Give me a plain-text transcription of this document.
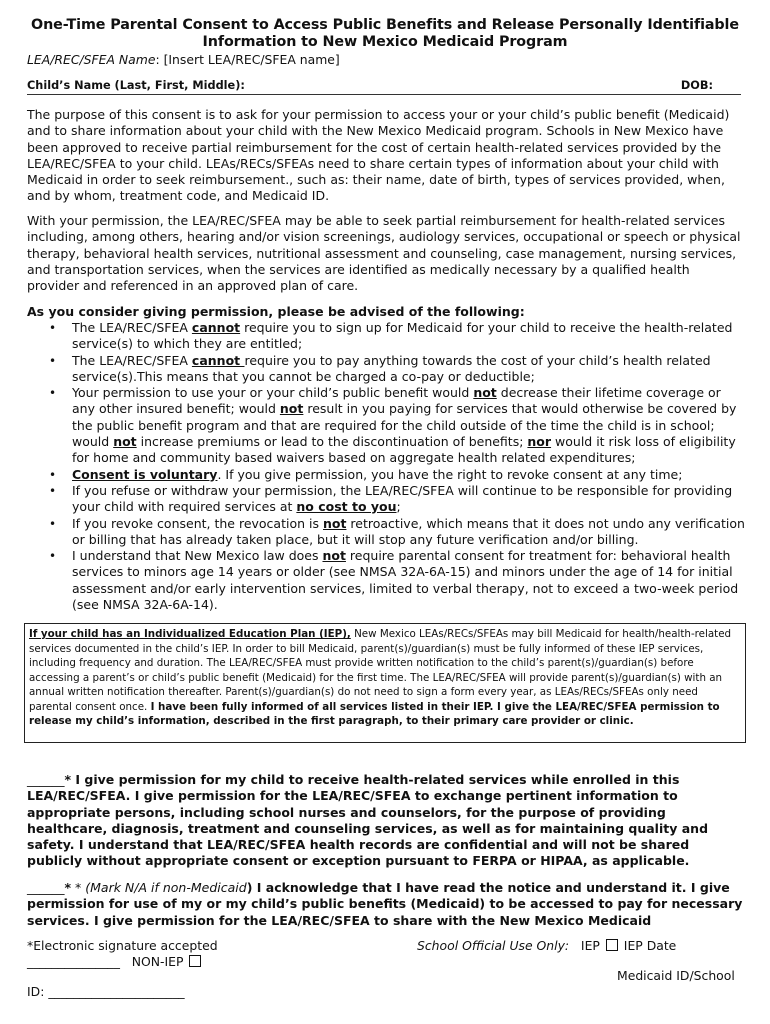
One-Time Parental Consent to Access Public Benefits and Release Personally Identifiable
Information to New Mexico Medicaid Program
LEA/REC/SFEA Name: [Insert LEA/REC/SFEA name]
Child’s Name (Last, First, Middle):	DOB:

The purpose of this consent is to ask for your permission to access your or your child’s public benefit (Medicaid) and to share information about your child with the New Mexico Medicaid program. Schools in New Mexico have been approved to receive partial reimbursement for the cost of certain health-related services provided by the LEA/REC/SFEA to your child. LEAs/RECs/SFEAs need to share certain types of information about your child with Medicaid in order to seek reimbursement., such as: their name, date of birth, types of services provided, when, and by whom, treatment code, and Medicaid ID.

With your permission, the LEA/REC/SFEA may be able to seek partial reimbursement for health-related services including, among others, hearing and/or vision screenings, audiology services, occupational or speech or physical therapy, behavioral health services, nutritional assessment and counseling, case management, nursing services, and transportation services, when the services are identified as medically necessary by a qualified health provider and referenced in an approved plan of care.

As you consider giving permission, please be advised of the following:
• The LEA/REC/SFEA cannot require you to sign up for Medicaid for your child to receive the health-related service(s) to which they are entitled;
• The LEA/REC/SFEA cannot require you to pay anything towards the cost of your child’s health related service(s).This means that you cannot be charged a co-pay or deductible;
• Your permission to use your or your child’s public benefit would not decrease their lifetime coverage or any other insured benefit; would not result in you paying for services that would otherwise be covered by the public benefit program and that are required for the child outside of the time the child is in school; would not increase premiums or lead to the discontinuation of benefits; nor would it risk loss of eligibility for home and community based waivers based on aggregate health related expenditures;
• Consent is voluntary. If you give permission, you have the right to revoke consent at any time;
• If you refuse or withdraw your permission, the LEA/REC/SFEA will continue to be responsible for providing your child with required services at no cost to you;
• If you revoke consent, the revocation is not retroactive, which means that it does not undo any verification or billing that has already taken place, but it will stop any future verification and/or billing.
• I understand that New Mexico law does not require parental consent for treatment for: behavioral health services to minors age 14 years or older (see NMSA 32A-6A-15) and minors under the age of 14 for initial assessment and/or early intervention services, limited to verbal therapy, not to exceed a two-week period (see NMSA 32A-6A-14).
If your child has an Individualized Education Plan (IEP), New Mexico LEAs/RECs/SFEAs may bill Medicaid for health/health-related services documented in the child’s IEP. In order to bill Medicaid, parent(s)/guardian(s) must be fully informed of these IEP services, including frequency and duration. The LEA/REC/SFEA must provide written notification to the child’s parent(s)/guardian(s) before accessing a parent’s or child’s public benefit (Medicaid) for the first time. The LEA/REC/SFEA will provide parent(s)/guardian(s) with an annual written notification thereafter. Parent(s)/guardian(s) do not need to sign a form every year, as LEAs/RECs/SFEAs only need parental consent once. I have been fully informed of all services listed in their IEP. I give the LEA/REC/SFEA permission to release my child’s information, described in the first paragraph, to their primary care provider or clinic.

______* I give permission for my child to receive health-related services while enrolled in this LEA/REC/SFEA. I give permission for the LEA/REC/SFEA to exchange pertinent information to appropriate persons, including school nurses and counselors, for the purpose of providing healthcare, diagnosis, treatment and counseling services, as well as for maintaining quality and safety. I understand that LEA/REC/SFEA health records are confidential and will not be shared publicly without appropriate consent or exception pursuant to FERPA or HIPAA, as applicable.

______* * (Mark N/A if non-Medicaid) I acknowledge that I have read the notice and understand it. I give permission for use of my or my child’s public benefits (Medicaid) to be accessed to pay for necessary services. I give permission for the LEA/REC/SFEA to share with the New Mexico Medicaid

*Electronic signature accepted
_______________ NON-IEP
ID: ______________________
School Official Use Only: IEP IEP Date
Medicaid ID/School
